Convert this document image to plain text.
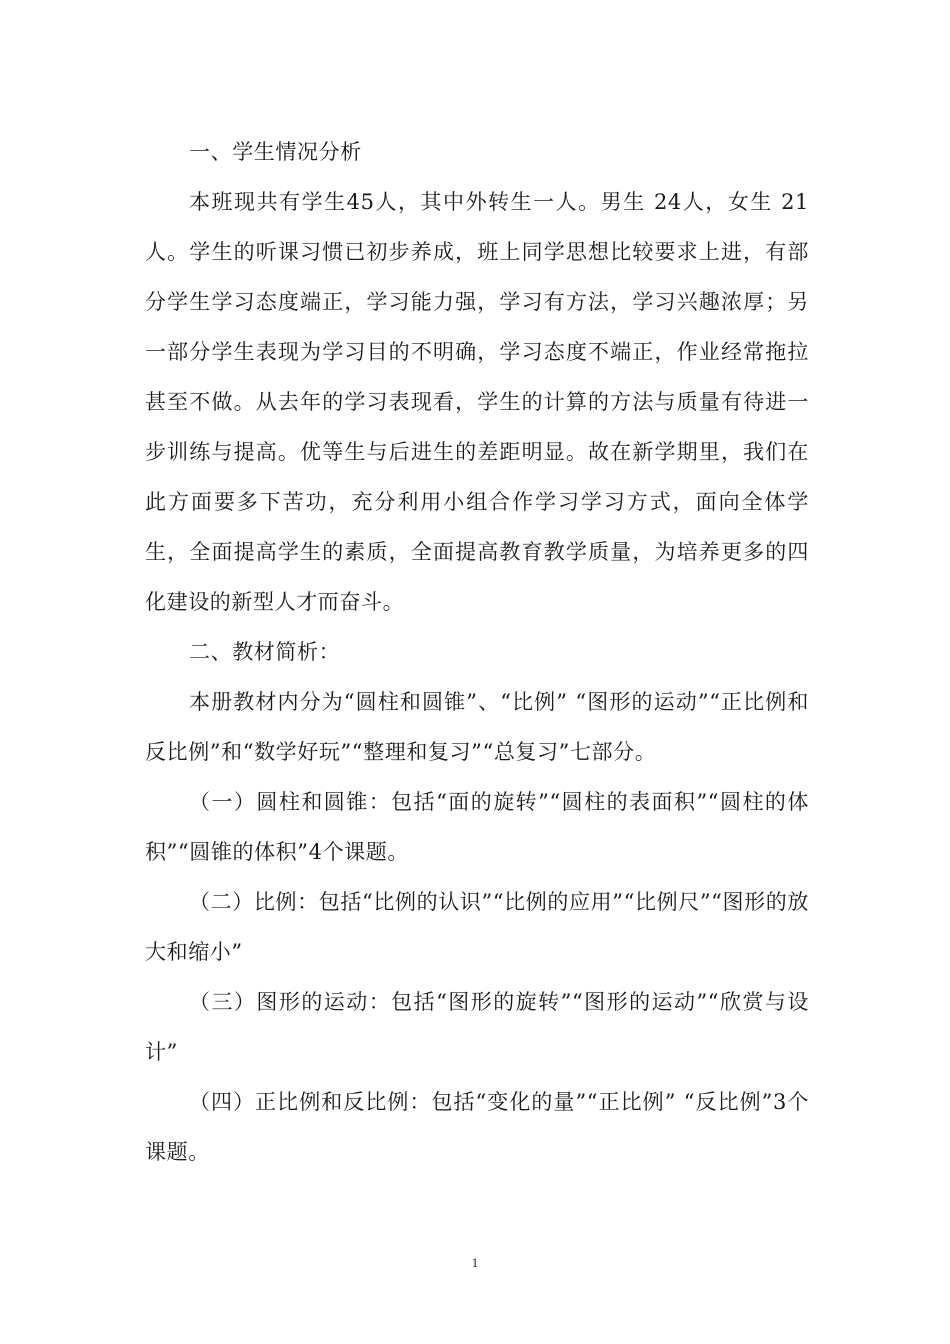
一、学生情况分析

本班现共有学生45人，其中外转生一人。男生 24人，女生 21人。学生的听课习惯已初步养成，班上同学思想比较要求上进，有部分学生学习态度端正，学习能力强，学习有方法，学习兴趣浓厚；另一部分学生表现为学习目的不明确，学习态度不端正，作业经常拖拉甚至不做。从去年的学习表现看，学生的计算的方法与质量有待进一步训练与提高。优等生与后进生的差距明显。故在新学期里，我们在此方面要多下苦功，充分利用小组合作学习学习方式，面向全体学生，全面提高学生的素质，全面提高教育教学质量，为培养更多的四化建设的新型人才而奋斗。

二、教材简析：

本册教材内分为“圆柱和圆锥”、“比例” “图形的运动”“正比例和反比例”和“数学好玩”“整理和复习”“总复习”七部分。

（一）圆柱和圆锥：包括“面的旋转”“圆柱的表面积”“圆柱的体积”“圆锥的体积”4个课题。

（二）比例：包括“比例的认识”“比例的应用”“比例尺”“图形的放大和缩小”

（三）图形的运动：包括“图形的旋转”“图形的运动”“欣赏与设计”

（四）正比例和反比例：包括“变化的量”“正比例” “反比例”3个课题。

1
